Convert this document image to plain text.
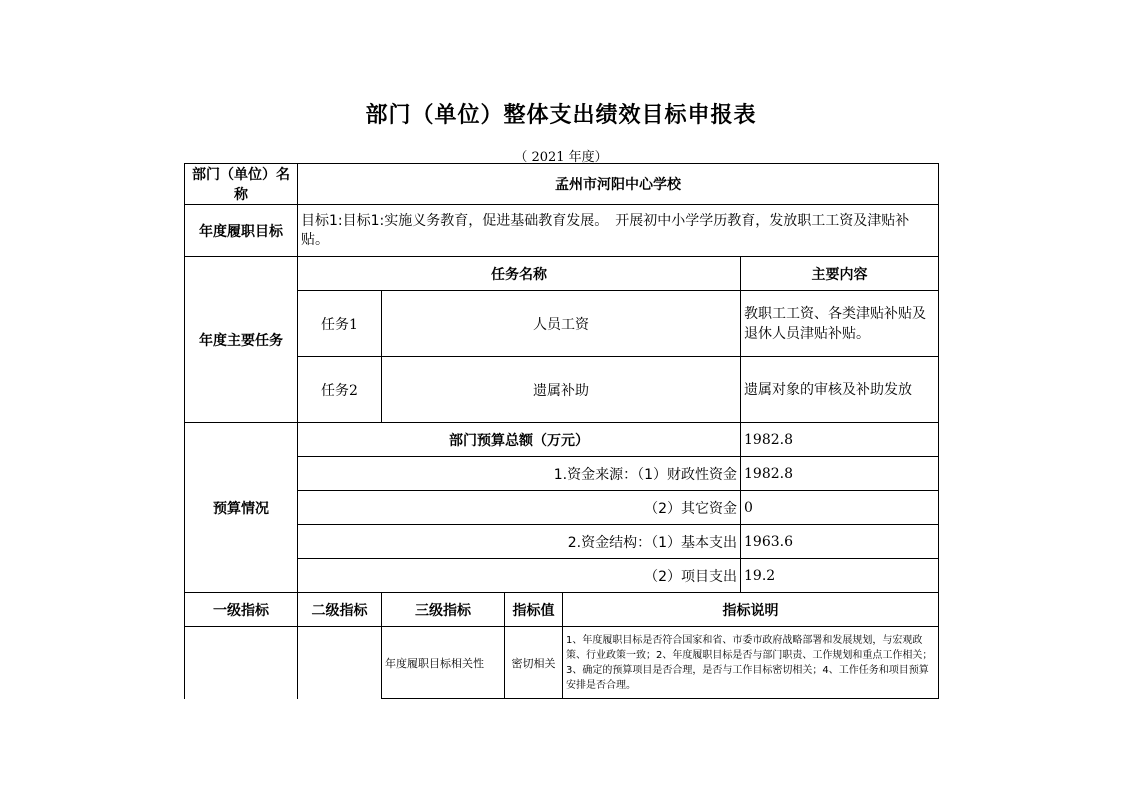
部门（单位）整体支出绩效目标申报表
（ 2021 年度）
部门（单位）名称	孟州市河阳中心学校				
年度履职目标	目标1:目标1:实施义务教育，促进基础教育发展。　开展初中小学学历教育，发放职工工资及津贴补贴。				
年度主要任务	任务名称				主要内容
	任务1	人员工资			教职工工资、各类津贴补贴及退休人员津贴补贴。
	任务2	遗属补助			遗属对象的审核及补助发放
预算情况	部门预算总额（万元）				1982.8
	1.资金来源：（1）财政性资金				1982.8
	（2）其它资金				0
	2.资金结构：（1）基本支出				1963.6
	（2）项目支出				19.2
一级指标	二级指标	三级指标	指标值	指标说明	
		年度履职目标相关性	密切相关	1、年度履职目标是否符合国家和省、市委市政府战略部署和发展规划，与宏观政策、行业政策一致；2、年度履职目标是否与部门职责、工作规划和重点工作相关；3、确定的预算项目是否合理，是否与工作目标密切相关；4、工作任务和项目预算安排是否合理。	
